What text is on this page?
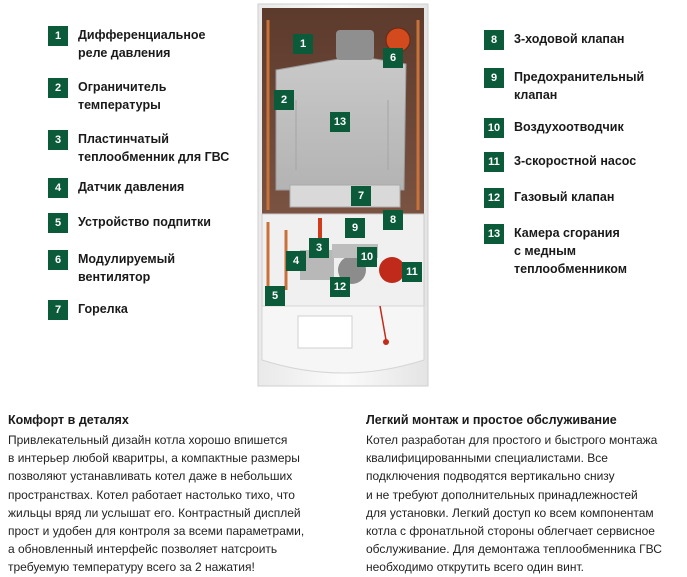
1	Дифференциальное
реле давления
2	Ограничитель
температуры
3	Пластинчатый
теплообменник для ГВС
4	Датчик давления
5	Устройство подпитки
6	Модулируемый
вентилятор
7	Горелка
8	3-ходовой клапан
9	Предохранительный
клапан
10	Воздухоотводчик
11	3-скоростной насос
12	Газовый клапан
13	Камера сгорания
с медным
теплообменником
1
2
13
6
7
9
8
3
4	10
11
5
12
Комфорт в деталях
Привлекательный дизайн котла хорошо впишется
в интерьер любой кваритры, а компактные размеры
позволяют устанавливать котел даже в небольших
пространствах. Котел работает настолько тихо, что
жильцы вряд ли услышат его. Контрастный дисплей
прост и удобен для контроля за всеми параметрами,
а обновленный интерфейс позволяет натсроить
требуемую температуру всего за 2 нажатия!
Легкий монтаж и простое обслуживание
Котел разработан для простого и быстрого монтажа
квалифицированными специалистами. Все
подключения подводятся вертикально снизу
и не требуют дополнительных принадлежностей
для установки. Легкий доступ ко всем компонентам
котла с фронатльной стороны облегчает сервисное
обслуживание. Для демонтажа теплообменника ГВС
необходимо открутить всего один винт.
